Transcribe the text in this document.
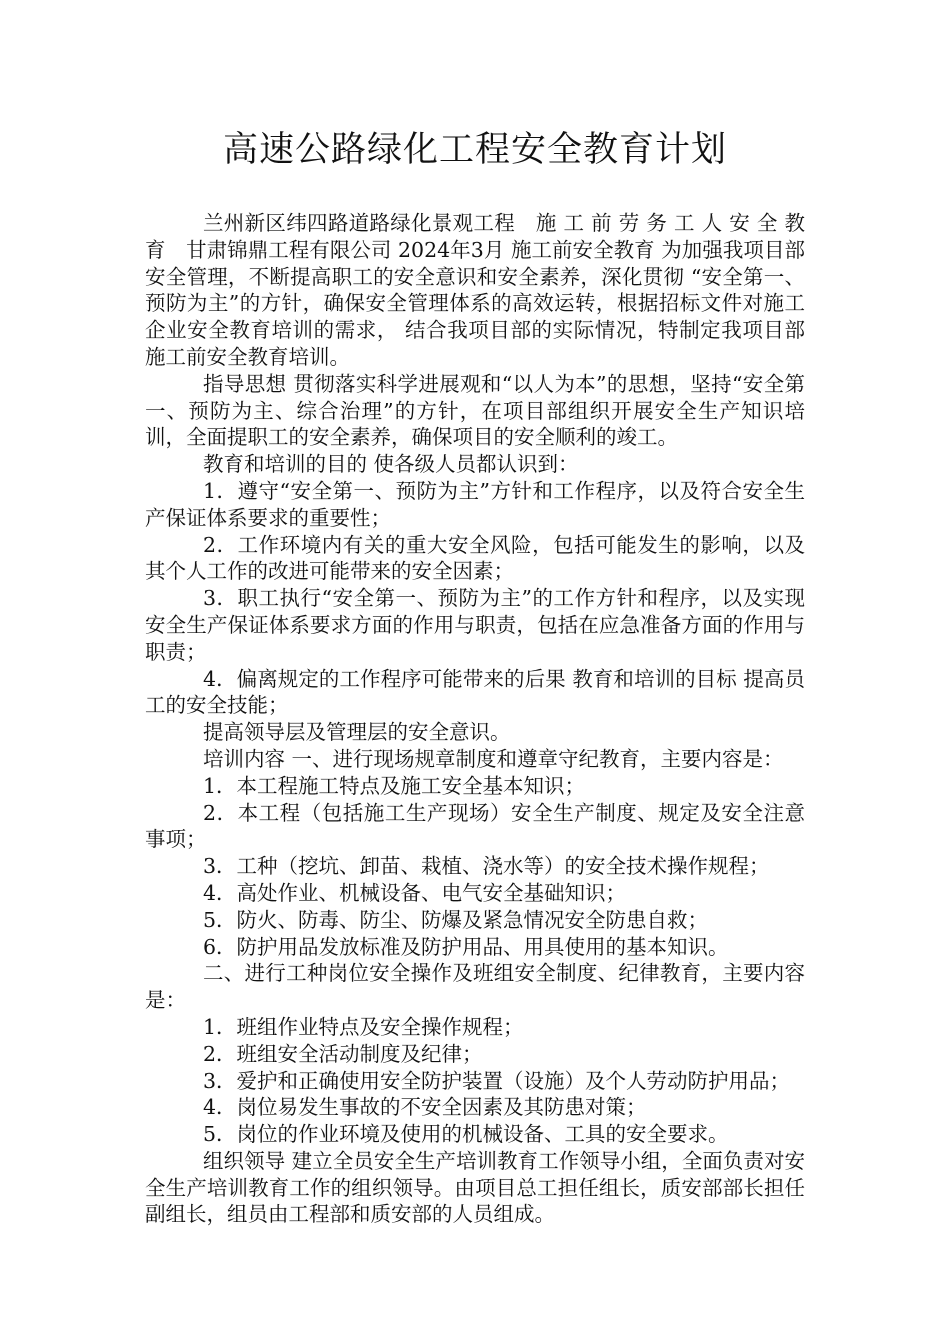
高速公路绿化工程安全教育计划

兰州新区纬四路道路绿化景观工程　施 工 前 劳 务 工 人 安 全 教 育　甘肃锦鼎工程有限公司 2024年3月 施工前安全教育 为加强我项目部安全管理，不断提高职工的安全意识和安全素养，深化贯彻 “安全第一、预防为主”的方针，确保安全管理体系的高效运转，根据招标文件对施工企业安全教育培训的需求， 结合我项目部的实际情况，特制定我项目部施工前安全教育培训。

指导思想 贯彻落实科学进展观和“以人为本”的思想，坚持“安全第一、预防为主、综合治理”的方针，在项目部组织开展安全生产知识培训，全面提职工的安全素养，确保项目的安全顺利的竣工。

教育和培训的目的 使各级人员都认识到：

1．遵守“安全第一、预防为主”方针和工作程序，以及符合安全生产保证体系要求的重要性；

2．工作环境内有关的重大安全风险，包括可能发生的影响，以及其个人工作的改进可能带来的安全因素；

3．职工执行“安全第一、预防为主”的工作方针和程序，以及实现安全生产保证体系要求方面的作用与职责，包括在应急准备方面的作用与职责；

4．偏离规定的工作程序可能带来的后果 教育和培训的目标 提高员工的安全技能；

提高领导层及管理层的安全意识。

培训内容 一、进行现场规章制度和遵章守纪教育，主要内容是：

1．本工程施工特点及施工安全基本知识；

2．本工程（包括施工生产现场）安全生产制度、规定及安全注意事项；

3．工种（挖坑、卸苗、栽植、浇水等）的安全技术操作规程；

4．高处作业、机械设备、电气安全基础知识；

5．防火、防毒、防尘、防爆及紧急情况安全防患自救；

6．防护用品发放标准及防护用品、用具使用的基本知识。

二、进行工种岗位安全操作及班组安全制度、纪律教育，主要内容是：

1．班组作业特点及安全操作规程；

2．班组安全活动制度及纪律；

3．爱护和正确使用安全防护装置（设施）及个人劳动防护用品；

4．岗位易发生事故的不安全因素及其防患对策；

5．岗位的作业环境及使用的机械设备、工具的安全要求。

组织领导 建立全员安全生产培训教育工作领导小组，全面负责对安全生产培训教育工作的组织领导。由项目总工担任组长，质安部部长担任副组长，组员由工程部和质安部的人员组成。
